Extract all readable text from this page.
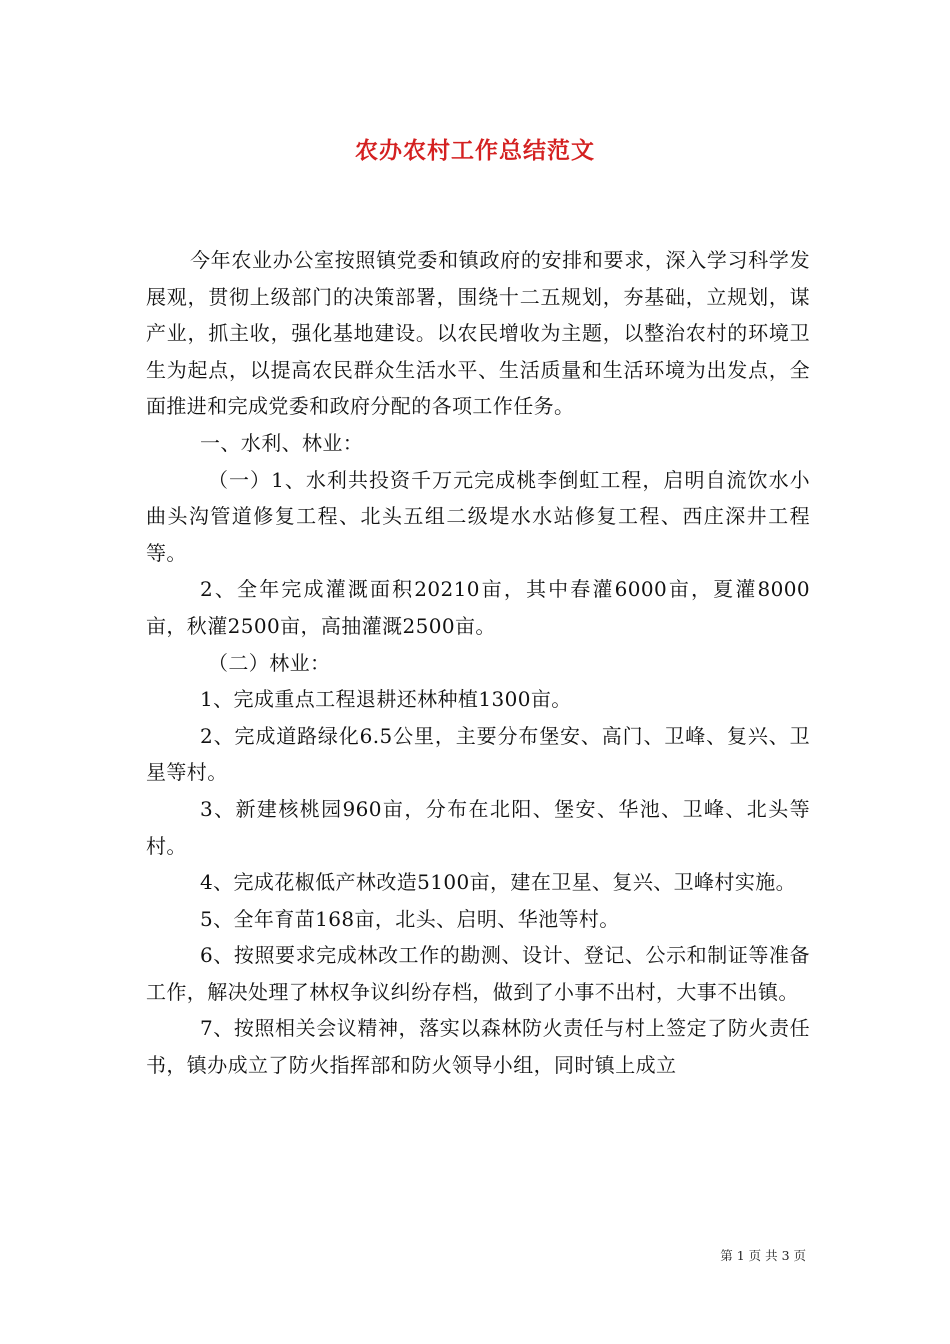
农办农村工作总结范文

今年农业办公室按照镇党委和镇政府的安排和要求，深入学习科学发展观，贯彻上级部门的决策部署，围绕十二五规划，夯基础，立规划，谋产业，抓主收，强化基地建设。以农民增收为主题，以整治农村的环境卫生为起点，以提高农民群众生活水平、生活质量和生活环境为出发点，全面推进和完成党委和政府分配的各项工作任务。

一、水利、林业：

（一）1、水利共投资千万元完成桃李倒虹工程，启明自流饮水小曲头沟管道修复工程、北头五组二级堤水水站修复工程、西庄深井工程等。

2、全年完成灌溉面积20210亩，其中春灌6000亩，夏灌8000亩，秋灌2500亩，高抽灌溉2500亩。

（二）林业：

1、完成重点工程退耕还林种植1300亩。

2、完成道路绿化6.5公里，主要分布堡安、高门、卫峰、复兴、卫星等村。

3、新建核桃园960亩，分布在北阳、堡安、华池、卫峰、北头等村。

4、完成花椒低产林改造5100亩，建在卫星、复兴、卫峰村实施。

5、全年育苗168亩，北头、启明、华池等村。

6、按照要求完成林改工作的勘测、设计、登记、公示和制证等准备工作，解决处理了林权争议纠纷存档，做到了小事不出村，大事不出镇。

7、按照相关会议精神，落实以森林防火责任与村上签定了防火责任书，镇办成立了防火指挥部和防火领导小组，同时镇上成立

第 1 页 共 3 页
